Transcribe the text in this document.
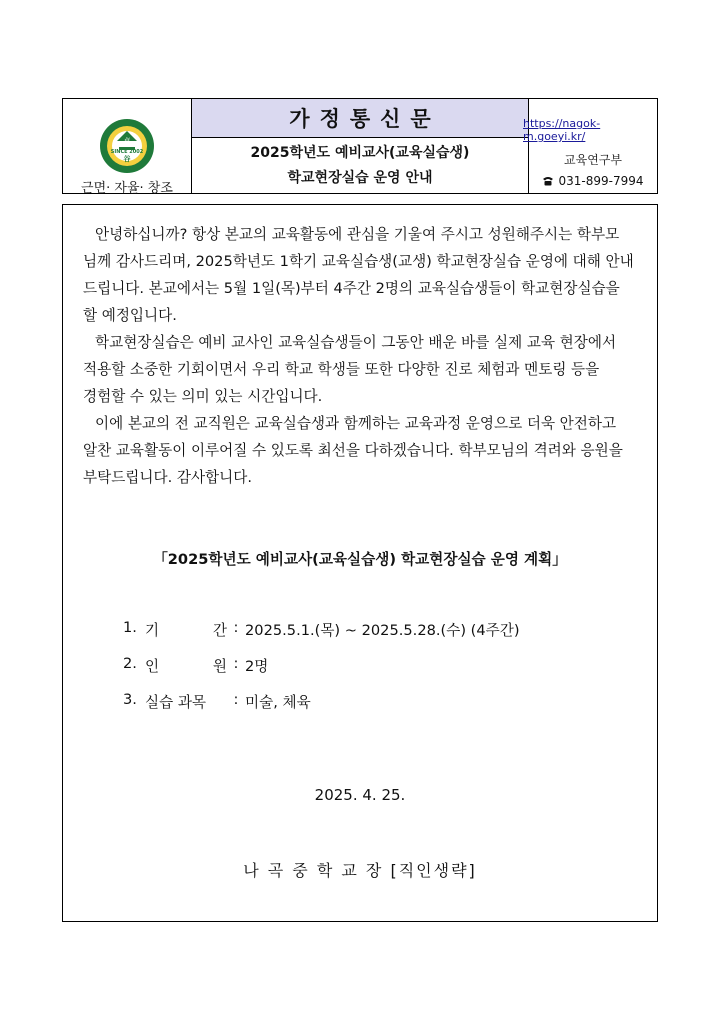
SINCE 2002
貞
谷
근면· 자율· 창조
가정통신문
2025학년도 예비교사(교육실습생)
학교현장실습 운영 안내
https://nagok-m.goeyi.kr/
교육연구부
031-899-7994
안녕하십니까? 항상 본교의 교육활동에 관심을 기울여 주시고 성원해주시는 학부모
님께 감사드리며, 2025학년도 1학기 교육실습생(교생) 학교현장실습 운영에 대해 안내
드립니다. 본교에서는 5월 1일(목)부터 4주간 2명의 교육실습생들이 학교현장실습을
할 예정입니다.
학교현장실습은 예비 교사인 교육실습생들이 그동안 배운 바를 실제 교육 현장에서
적용할 소중한 기회이면서 우리 학교 학생들 또한 다양한 진로 체험과 멘토링 등을
경험할 수 있는 의미 있는 시간입니다.
이에 본교의 전 교직원은 교육실습생과 함께하는 교육과정 운영으로 더욱 안전하고
알찬 교육활동이 이루어질 수 있도록 최선을 다하겠습니다. 학부모님의 격려와 응원을
부탁드립니다. 감사합니다.
「2025학년도 예비교사(교육실습생) 학교현장실습 운영 계획」
1. 기	간 : 2025.5.1.(목) ~ 2025.5.28.(수) (4주간)
2. 인	원 : 2명
3. 실습 과목	: 미술, 체육
2025. 4. 25.
나 곡 중 학 교 장 [직인생략]
